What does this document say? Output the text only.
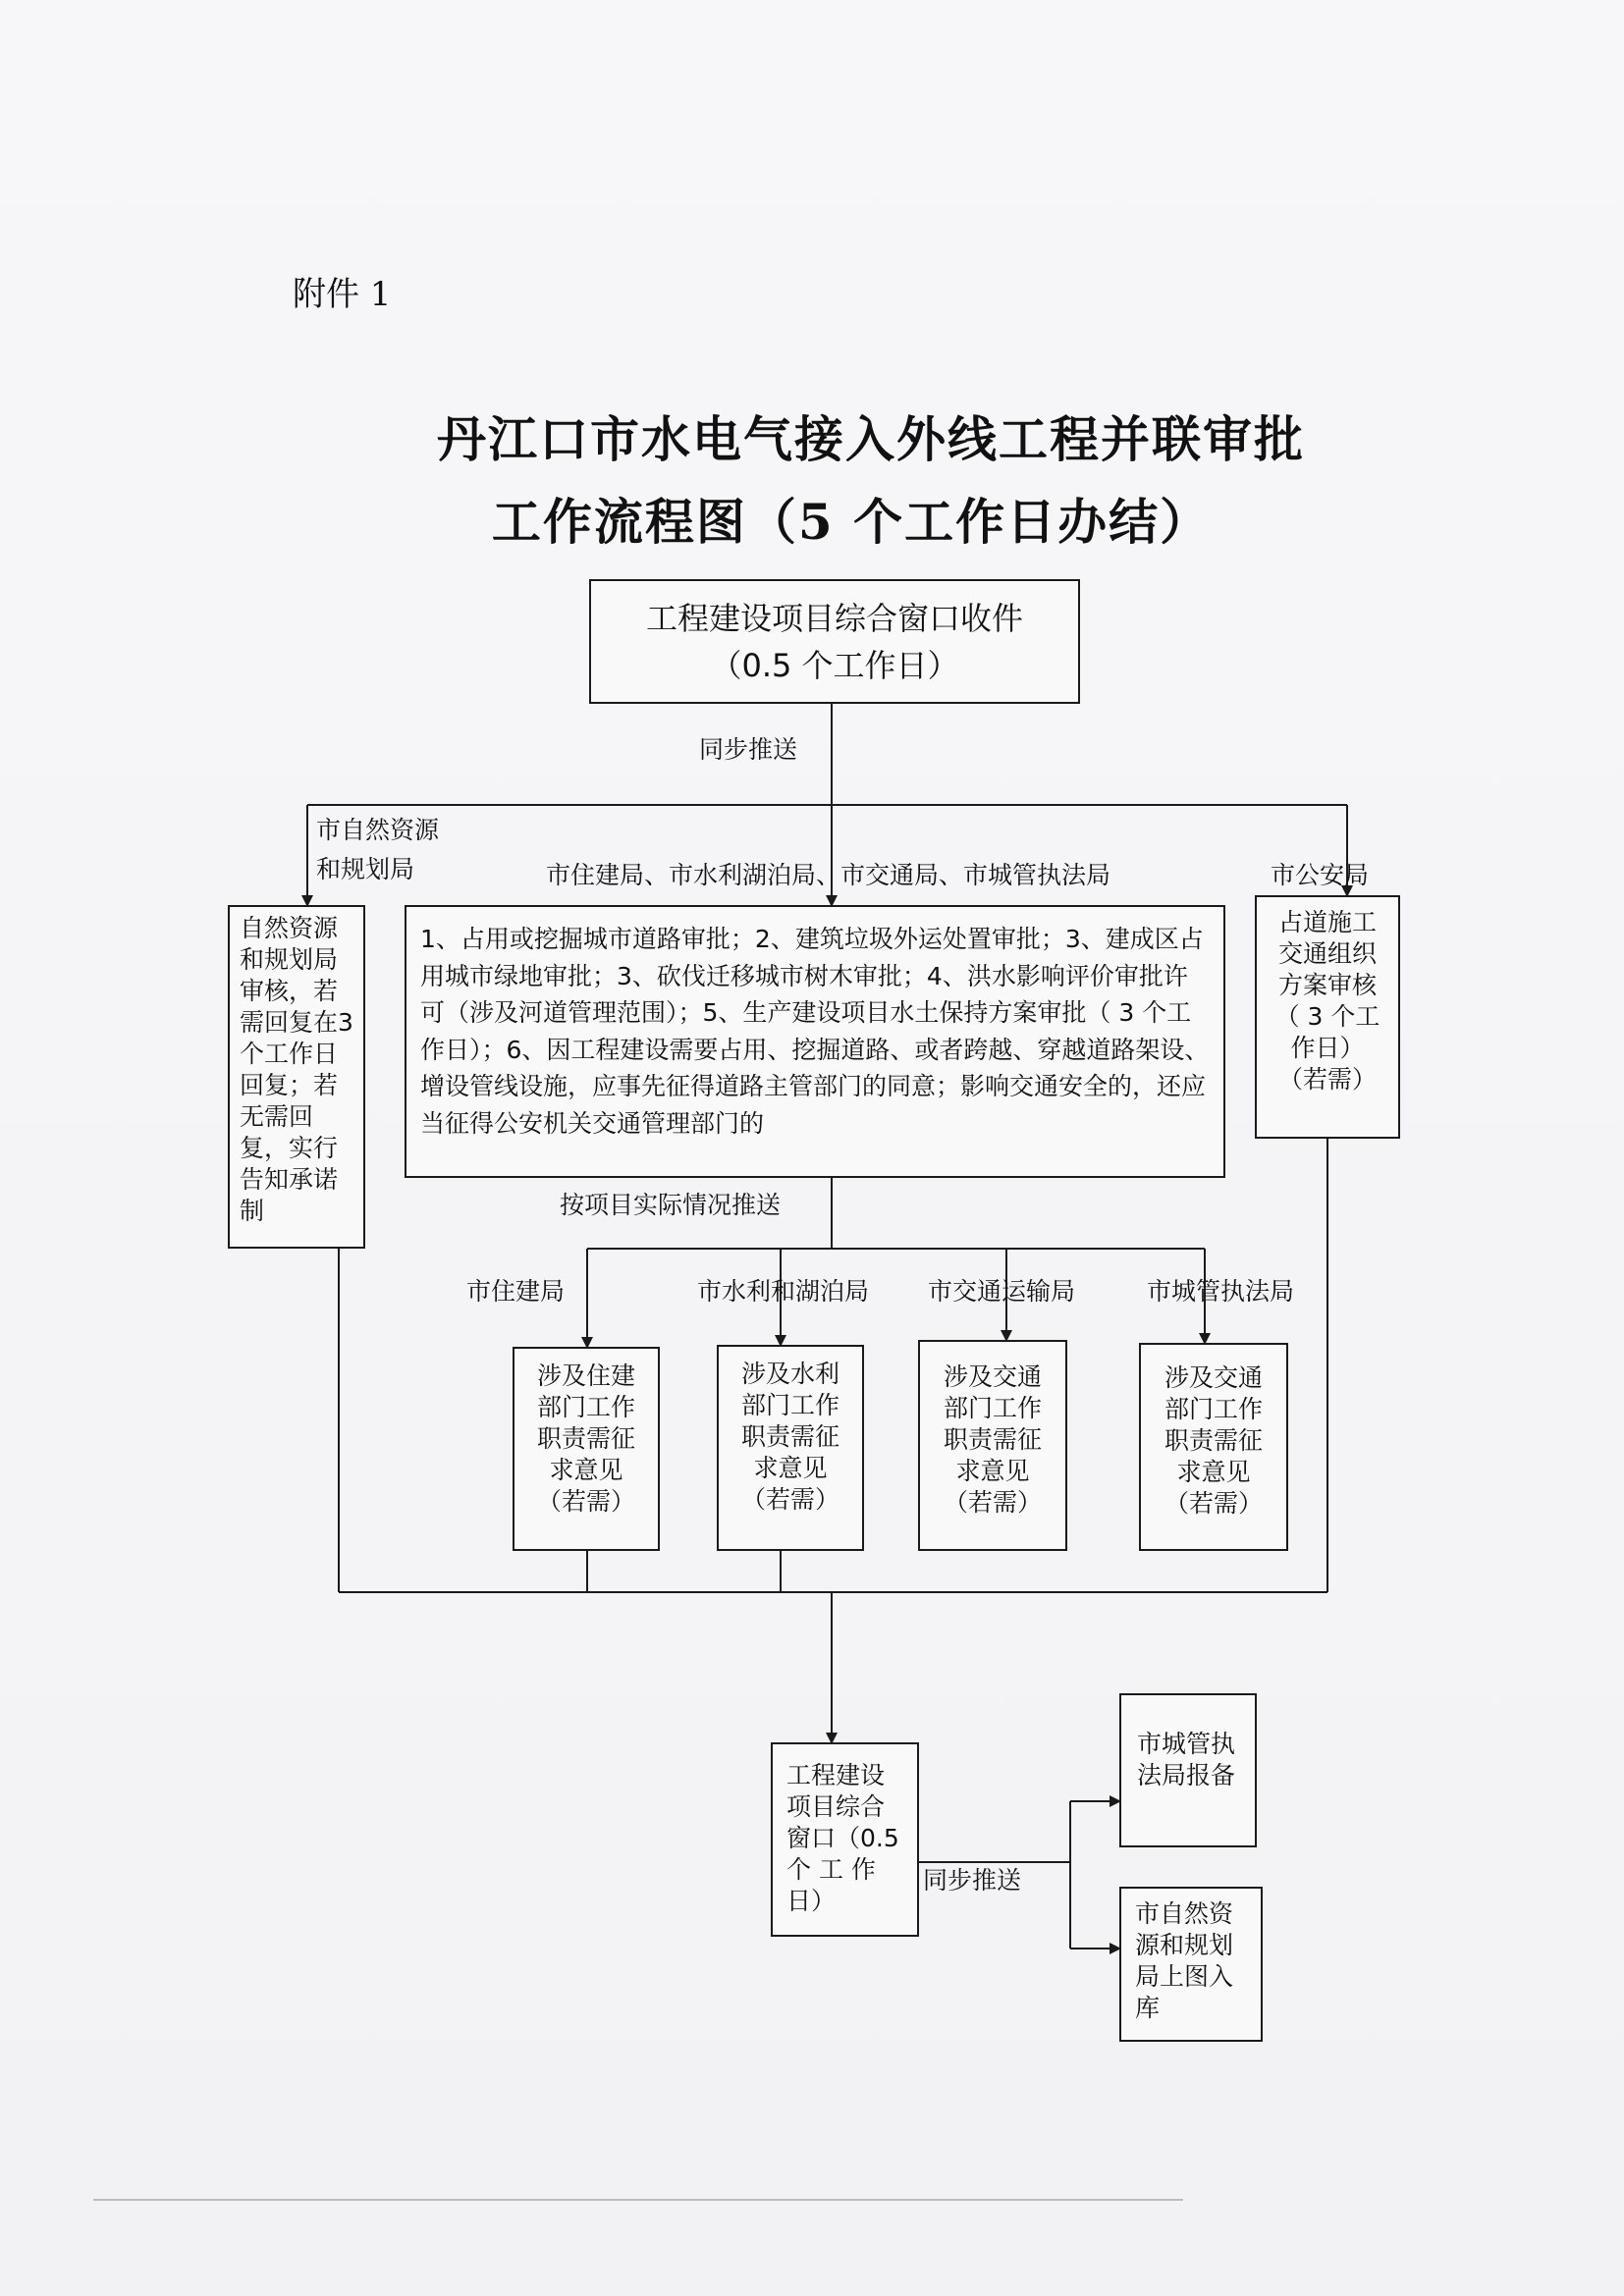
附件 1
丹江口市水电气接入外线工程并联审批
工作流程图（5 个工作日办结）
工程建设项目综合窗口收件
（0.5 个工作日）
同步推送
市自然资源
和规划局	市住建局、市水利湖泊局、市交通局、市城管执法局	市公安局
自然资源和规划局审核，若需回复在3 个工作日回复；若无需回复，实行告知承诺制
1、占用或挖掘城市道路审批；2、建筑垃圾外运处置审批；3、建成区占用城市绿地审批；3、砍伐迁移城市树木审批；4、洪水影响评价审批许可（涉及河道管理范围）；5、生产建设项目水土保持方案审批（ 3 个工作日）；6、因工程建设需要占用、挖掘道路、或者跨越、穿越道路架设、增设管线设施，应事先征得道路主管部门的同意；影响交通安全的，还应当征得公安机关交通管理部门的
占道施工
交通组织
方案审核
（ 3 个工
作日）
（若需）
按项目实际情况推送
市住建局	市水利和湖泊局 市交通运输局	市城管执法局
涉及住建
部门工作
职责需征
求意见
（若需）
涉及水利
部门工作
职责需征
求意见
（若需）
涉及交通
部门工作
职责需征
求意见
（若需）
涉及交通
部门工作
职责需征
求意见
（若需）
工程建设项目综合窗口（0.5 个 工 作日）
同步推送
市城管执法局报备
市自然资源和规划局上图入库
